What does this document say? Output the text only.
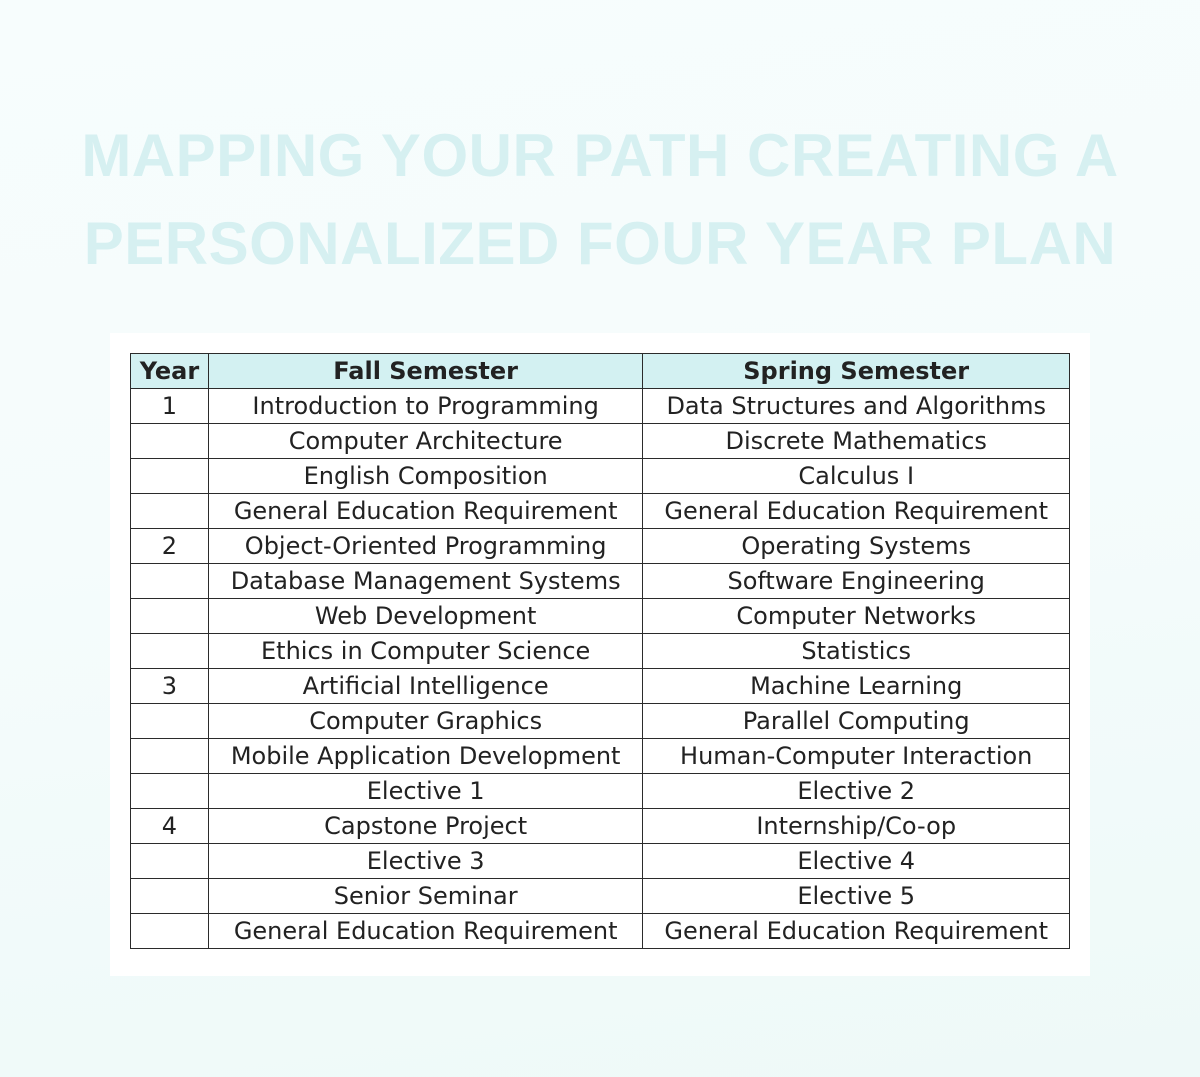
MAPPING YOUR PATH CREATING A
PERSONALIZED FOUR YEAR PLAN
Year	Fall Semester	Spring Semester
1	Introduction to Programming	Data Structures and Algorithms
	Computer Architecture	Discrete Mathematics
	English Composition	Calculus I
	General Education Requirement	General Education Requirement
2	Object-Oriented Programming	Operating Systems
	Database Management Systems	Software Engineering
	Web Development	Computer Networks
	Ethics in Computer Science	Statistics
3	Artificial Intelligence	Machine Learning
	Computer Graphics	Parallel Computing
	Mobile Application Development	Human-Computer Interaction
	Elective 1	Elective 2
4	Capstone Project	Internship/Co-op
	Elective 3	Elective 4
	Senior Seminar	Elective 5
	General Education Requirement	General Education Requirement
